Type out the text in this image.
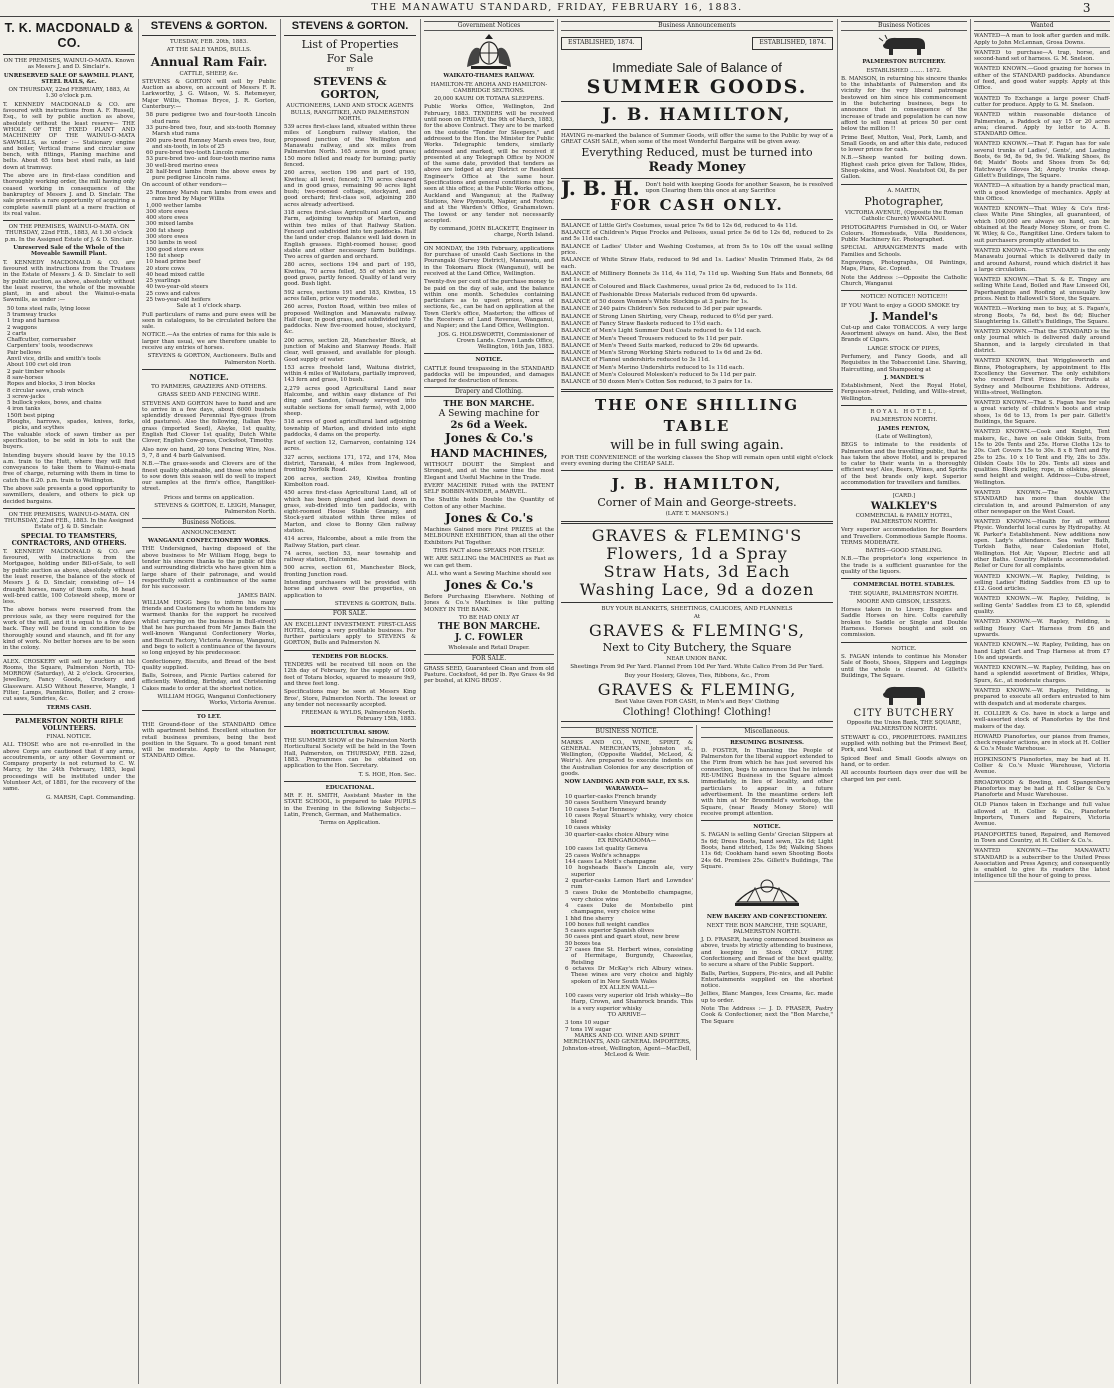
THE MANAWATU STANDARD, FRIDAY, FEBRUARY 16, 1883.	3
T. K. MACDONALD & CO.

ON THE PREMISES, WAINUI-O-MATA. Known as Messrs J. and D. Sinclair's.

UNRESERVED SALE OF SAWMILL PLANT, STEEL RAILS, &c.

ON THURSDAY, 22nd FEBRUARY, 1883, At 1.30 o'clock p.m.

T. KENNEDY MACDONALD & CO. are favoured with instructions from A. F. Russell, Esq., to sell by public auction as above, absolutely without the least reserve— THE WHOLE OF THE FIXED PLANT AND MACHINERY OF THE WAINUI-O-MATA SAWMILLS, as under :— Stationary engine and boiler, Vertical frame and circular saw bench, with fittings, Planing machine and belts. About 65 tons best steel rails, as laid down at tramway.

The above are in first-class condition and thoroughly working order, the mill having only ceased working in consequence of the bankruptcy of Messrs J. and D. Sinclair. The sale presents a rare opportunity of acquiring a complete sawmill plant at a mere fraction of its real value.

ON THE PREMISES, WAINUI-O-MATA. ON THURSDAY, 22nd FEB., 1883, At 1.30 o'clock p.m. In the Assigned Estate of J. & D. Sinclair.

Unreserved Sale of the Whole of the Moveable Sawmill Plant.

T. KENNEDY MACDONALD & CO. are favoured with instructions from the Trustees in the Estate of Messrs J. & D. Sinclair to sell by public auction, as above, absolutely without the least reserve, the whole of the moveable plant, in and about the Wainui-o-mata Sawmills, as under :—

50 tons steel rails, lying loose
5 tramway trucks
1 trap and harness
2 waggons
2 carts
Chaffcutter, cornerusher
Carpenters' tools, woodscrews
Pair bellows
Anvil vice, drills and smith's tools
About 100 cwt old iron
2 pair timber whools
8 saw-horses
Ropes and blocks, 3 iron blocks
8 circular saws, crab winch
3 screw-jacks
5 bullock yokes, bows, and chains
4 iron tanks
150ft best piping
Ploughs, harrows, spades, knives, forks, picks, and scythes

The valuable stock of sawn timber as per specification, to be sold in lots to suit the buyers.

Intending buyers should leave by the 10.15 a.m. train to the Hutt, where they will find conveyances to take them to Wainui-o-mata free of charge, returning with them in time to catch the 6.20. p.m. train to Wellington.

The above sale presents a good opportunity to sawmillers, dealers, and others to pick up decided bargains.

ON THE PREMISES, WAINUI-O-MATA. ON THURSDAY, 22nd FEB., 1883. In the Assigned Estate of J. & D. Sinclair.

SPECIAL TO TEAMSTERS, CONTRACTORS, AND OTHERS.

T. KENNEDY MACDONALD & CO. are favoured, with instructions from the Mortgagee, holding under Bill-of-Sale, to sell by public auction as above, absolutely without the least reserve, the balance of the stock of Messrs J. & D. Sinclair, consisting of— 14 draught horses, many of them colts, 16 head well-bred cattle, 100 Cotswold sheep, more or less.

The above horses were reserved from the previous sale, as they were required for the work of the mill, and it is equal to a few days back. They will be found in condition to be thoroughly sound and staunch, and fit for any kind of work. No better horses are to be seen in the colony.

ALEX. CROSKERY will sell by auction at his Rooms, the Square, Palmerston North, TO-MORROW (Saturday), At 2 o'clock. Groceries, Jewellery, Fancy Goods, Crockery and Glassware. ALSO Without Reserve, Mangle, 1 Filter, Lamps, Pannikins, Boiler, and 2 cross-cut saws, Sundries, &c.

TERMS CASH.

PALMERSTON NORTH RIFLE VOLUNTEERS.

FINAL NOTICE.

ALL THOSE who are not re-enrolled in the above Corps are cautioned that if any arms, accoutrements, or any other Government or Company property is not returned to C. W. Marcy, by the 24th February, 1883, legal proceedings will be instituted under the Volunteer Act, of 1881, for the recovery of the same.

G. MARSH, Capt. Commanding.

STEVENS & GORTON.

TUESDAY, FEB. 20th, 1883.

AT THE SALE YARDS, BULLS.

Annual Ram Fair.

CATTLE, SHEEP, &c.

STEVENS & GORTON will sell by Public Auction as above, on account of Messrs F. R. Larkworthy, J. G. Wilson, W. S. Retemeyer, Major Willis, Thomas Bryce, J. R. Gorton, Canterbury:—

58 pure pedigree two and four-tooth Lincoln stud rams
33 pure-bred two, four, and six-tooth Romney Marsh stud rams
200 pure-bred Romney Marsh ewes two, four, and six-tooth, in lots of 25
60 pure-bred two-tooth Lincoln rams
53 pure-bred two- and four-tooth merino rams
30 well-bred merino ewes
28 half-bred lambs from the above ewes by pure pedigree Lincoln rams.

On account of other vendors—

25 Romney Marsh ram lambs from ewes and rams bred by Major Willis
1,000 wether lambs
300 store ewes
400 store ewes
300 mixed lambs
200 fat sheep
300 store ewes
150 lambs in wool
300 good store ewes
150 fat sheep
10 head prime beef
20 store cows
40 head mixed cattle
25 yearlings
40 two-year-old steers
25 cows and calves
25 two-year-old heifers

Sale at 1 o'clock sharp.

Full particulars of rams and pure ewes will be seen in catalogues, to be circulated before the sale.

NOTICE.—As the entries of rams for this sale is larger than usual, we are therefore unable to receive any entries of horses.

STEVENS & GORTON, Auctioneers. Bulls and Palmerston North.

NOTICE.

TO FARMERS, GRAZIERS AND OTHERS.

GRASS SEED AND FENCING WIRE.

STEVENS AND GORTON have to hand and are to arrive in a few days, about 6000 bushels splendidly dressed Perennial Rye-grass (from old pastures). Also the following, Italian Rye-grass (imported Seed), Alsyke, 1st quality, English Red Clover 1st quality, Dutch White Clover, English Cow-grass, Cocksfoot, Timothy.

Also now on hand, 20 tons Fencing Wire, Nos. 5, 7, 8 and 4 barb Galvanised.

N.B.—The grass-seeds and Clovers are of the finest quality obtainable, and those who intend to sow down this season will do well to inspect our samples at the firm's office, Rangitikei-street.

Prices and terms on application.

STEVENS & GORTON, E. LEIGH, Manager, Palmerston North.

Business Notices.

ANNOUNCEMENT.

WANGANUI CONFECTIONERY WORKS.

THE Undersigned, having disposed of the above business to Mr William Hogg, begs to tender his sincere thanks to the public of this and surrounding districts who have given him a large share of their patronage, and would respectfully solicit a continuance of the same for his successor.

JAMES BAIN.

WILLIAM HOGG begs to inform his many friends and Customers (to whom he tenders his warmest thanks for the support he received whilst carrying on the business in Bull-street) that he has purchased from Mr James Bain the well-known Wanganui Confectionery Works, and Biscuit Factory, Victoria Avenue, Wanganui, and begs to solicit a continuance of the favours so long enjoyed by his predecessor.

Confectionery, Biscuits, and Bread of the best quality supplied.

Balls, Soirees, and Picnic Parties catered for efficiently. Wedding, Birthday, and Christening Cakes made to order at the shortest notice.

WILLIAM HOGG, Wanganui Confectionery Works, Victoria Avenue.

TO LET.

THE Ground-floor of the STANDARD Office with apartment behind. Excellent situation for retail business premises, being the best position in the Square. To a good tenant rent will be moderate. Apply to the Manager, STANDARD Office.

STEVENS & GORTON.
List of Properties
For Sale

BY

STEVENS & GORTON,

AUCTIONEERS, LAND AND STOCK AGENTS BULLS, RANGITIKEI, AND PALMERSTON NORTH.

539 acres first-class land, situated within three miles of Longburn railway station, the proposed junction of the Wellington and Manawatu railway, and six miles from Palmerston North. 165 acres in good grass; 150 more felled and ready for burning; partly fenced.

260 acres, section 196 and part of 195, Kiwitea; all level; fenced; 170 acres cleared and in good grass, remaining 90 acres light bush; two-roomed cottage, stockyard, and good orchard; first-class soil, adjoining 280 acres already advertised.

318 acres first-class Agricultural and Grazing Farm, adjoining township of Marton, and within two miles of that Railway Station. Fenced and subdivided into ten paddocks. Half the land under crop. Balance well laid down in English grasses. Eight-roomed house; good stable and other necessary farm buildings. Two acres of garden and orchard.

280 acres, sections 194 and part of 195, Kiwitea, 70 acres felled, 55 of which are in good grass, partly fenced. Quality of land very good. Bush light.

592 acres, sections 191 and 183, Kiwitea, 15 acres fallen, price very moderate.

260 acres, Foxton Road, within two miles of proposed Wellington and Manawatu railway. Half clear, in good grass, and subdivided into 7 paddocks. New five-roomed house, stockyard, &c.

200 acres, section 28, Manchester Block, at junction of Makino and Stanway Roads. Half clear, well grassed, and available for plough. Good supply of water.

153 acres freehold land, Waituna district, within 4 miles of Waitotara, partially improved, 143 fern and grass, 10 bush.

2,279 acres good Agricultural Land near Halcombe, and within easy distance of Fei ding and Sandon, (already surveyed into suitable sections for small farms), with 2,000 sheep.

518 acres of good agricultural land adjoining township of Marton, and divided into eight paddocks, 4 dams on the property.

Part of section 12, Carnarvon, containing 124 acres.

327 acres, sections 171, 172, and 174, Moa district, Taranaki, 4 miles from Inglewood, fronting Norfolk Road.

206 acres, section 249, Kiwitea fronting Kimbolton road.

450 acres first-class Agricultural Land, all of which has been ploughed and laid down in grass, sub-divided into ten paddocks, with eight-roomed House Stable Granary, and Stock-yard situated within three miles of Marton, and close to Bonny Glen railway station.

414 acres, Halcombe, about a mile from the Railway Station, part clear.

74 acres, section 53, near township and railway station, Halcombe.

500 acres, section 61, Manchester Block, fronting Junction road.

Intending purchasers will be provided with horse and shown over the properties, on application to

STEVENS & GORTON, Bulls.

FOR SALE.

AN EXCELLENT INVESTMENT. FIRST-CLASS HOTEL, doing a very profitable business. For further particulars apply to STEVENS & GORTON, Bulls and Palmerston N.

TENDERS FOR BLOCKS.

TENDERS will be received till noon on the 12th day of February, for the supply of 1000 feet of Totara blocks, squared to measure 9x9, and three feet long.

Specifications may be seen at Messrs King Bros', Store, Palmerston North. The lowest or any tender not necessarily accepted.

FREEMAN & WYLDS, Palmerston North. February 15th, 1883.

HORTICULTURAL SHOW.

THE SUMMER SHOW of the Palmerston North Horticultural Society will be held in the Town Hall, Palmerston, on THURSDAY, FEB. 22nd, 1883. Programmes can be obtained on application to the Hon. Secretary.

T. S. HOE, Hon. Sec.

EDUCATIONAL.

MR F. H. SMITH, Assistant Master in the STATE SCHOOL, is prepared to take PUPILS in the Evening in the following Subjects:— Latin, French, German, and Mathematics.

Terms on Application.

Government Notices

WAIKATO-THAMES RAILWAY.

HAMILTON-TE AROHA AND HAMILTON-CAMBRIDGE SECTIONS.

20,000 KAURI OR TOTARA SLEEPERS.

Public Works Office, Wellington, 2nd February, 1883. TENDERS will be received until noon on FRIDAY, the 9th of March, 1883, for the above Contract. They are to be marked on the outside "Tender for Sleepers," and addressed to the Hon. the Minister for Public Works. Telegraphic tenders, similarly addressed and marked, will be received if presented at any Telegraph Office by NOON of the same date, provided that tenders as above are lodged at any District or Resident Engineer's Office at the same hour. Specifications and general conditions may be seen at this office; at the Public Works offices, Auckland and Wanganui; at the Railway Stations, New Plymouth, Napier, and Foxton; and at the Warden's Office, Grahamstown. The lowest or any tender not necessarily accepted.

By command, JOHN BLACKETT, Engineer in charge, North Island.

ON MONDAY, the 19th February, applications for purchase of unsold Cash Sections in the Pourangaki (Survey District), Manawatu, and in the Tokomaru Block (Wanganui), will be received at the Land Office, Wellington.

Twenty-five per cent of the purchase money to be paid on the day of sale, and the balance within one month. Schedules containing particulars as to upset prices, area of sections, &c., can be had on application at the Town Clerk's office, Masterton; the offices of the Receivers of Land Revenue, Wanganui, and Napier; and the Land Office, Wellington.

JOS. G. HOLDSWORTH, Commissioner of Crown Lands. Crown Lands Office, Wellington, 16th Jan, 1883.

NOTICE.

CATTLE found trespassing in the STANDARD paddocks will be impounded, and damages charged for destruction of fences.

Drapery and Clothing.
THE BON MARCHE.
A Sewing machine for
2s 6d a Week.
Jones & Co.'s
HAND MACHINES,

WITHOUT DOUBT the Simplest and Strongest, and at the same time the most Elegant and Useful Machine in the Trade.

EVERY MACHINE Fitted with the PATENT SELF BOBBIN-WINDER, a MARVEL.

The Shuttle holds Double the Quantity of Cotton of any other Machine.

Jones & Co.'s

Machines Gained more First PRIZES at the MELBOURNE EXHIBITION, than all the other Exhibitors Put Together.

THIS FACT alone SPEAKS FOR ITSELF.

WE ARE SELLING the MACHINES as Fast as we can get them.

ALL who want a Sewing Machine should see

Jones & Co.'s

Before Purchasing Elsewhere. Nothing of Jones & Co.'s Machines is like putting MONEY IN THE BANK.

TO BE HAD ONLY AT

THE BON MARCHE.
J. C. FOWLER

Wholesale and Retail Draper.

FOR SALE.

GRASS SEED, Guaranteed Clean and from old Pasture. Cocksfoot, 4d per lb. Rye Grass 4s 9d per bushel, at KING BROS'.

Business Announcements
ESTABLISHED, 1874.	ESTABLISHED, 1874.
Immediate Sale of Balance of
SUMMER GOODS.
J. B. HAMILTON,

HAVING re-marked the balance of Summer Goods, will offer the same to the Public by way of a GREAT CASH SALE, when some of the most Wonderful Bargains will be given away.

Everything Reduced, must be turned into
Ready Money
J. B. H. Don't hold with keeping Goods for another Season, he is resolved upon Clearing them this once at any Sacrifice
FOR CASH ONLY.
BALANCE of Little Girl's Costumes, usual price 7s 6d to 12s 6d, reduced to 4s 11d.
BALANCE of Children's Pique Frocks and Pelisses, usual price 5s 6d to 12s 6d, reduced to 2s and 5s 11d each.
BALANCE of Ladies' Ulster and Washing Costumes, at from 5s to 10s off the usual selling price.
BALANCE of White Straw Hats, reduced to 9d and 1s. Ladies' Muslin Trimmed Hats, 2s 6d each.
BALANCE of Millinery Bonnets 3s 11d, 4s 11d, 7s 11d up. Washing Sun Hats and Bonnets, 6d and 1s each.
BALANCE of Coloured and Black Cashmeres, usual price 2s 6d, reduced to 1s 11d.
BALANCE of Fashionable Dress Materials reduced from 6d upwards.
BALANCE of 50 dozen Women's White Stockings at 3 pairs for 1s.
BALANCE of 240 pairs Children's Sox reduced to 3d per pair upwards.
BALANCE of Strong Linen Shirting, very Cheap, reduced to 6½d per yard.
BALANCE of Fancy Straw Baskets reduced to 1½d each.
BALANCE of Men's Light Summer Dust Coats reduced to 4s 11d each.
BALANCE of Men's Tweed Trousers reduced to 9s 11d per pair.
BALANCE of Men's Tweed Suits marked, reduced to 29s 6d upwards.
BALANCE of Men's Strong Working Shirts reduced to 1s 6d and 2s 6d.
BALANCE of Flannel undershirts reduced to 3s 11d.
BALANCE of Men's Merino Undershirts reduced to 1s 11d each.
BALANCE of Men's Coloured Molesken's reduced to 5s 11d per pair.
BALANCE of 50 dozen Men's Cotton Sox reduced, to 3 pairs for 1s.
THE ONE SHILLING TABLE
will be in full swing again.

FOR THE CONVENIENCE of the working classes the Shop will remain open until eight o'clock every evening during the CHEAP SALE.

J. B. HAMILTON,
Corner of Main and George-streets.

(LATE T. MANSON'S.)

GRAVES & FLEMING'S
Flowers, 1d a Spray
Straw Hats, 3d Each
Washing Lace, 9d a dozen

BUY YOUR BLANKETS, SHEETINGS, CALICOES, AND FLANNELS

At

GRAVES & FLEMING'S,
Next to City Butchery, the Square

NEAR UNION BANK.

Sheetings From 9d Per Yard. Flannel From 10d Per Yard. White Calico From 3d Per Yard.

Buy your Hosiery, Gloves, Ties, Ribbons, &c., From

GRAVES & FLEMING,

Best Value Given FOR CASH, in Men's and Boys' Clothing

Clothing! Clothing! Clothing!
BUSINESS NOTICE.

MARKS AND CO., WINE, SPIRIT, & GENERAL MERCHANTS, Johnston st., Wellington, (Opposite Waddel, McLeod, & Weir's). Are prepared to execute indents on the Australian Colonies for any description of goods.

NOW LANDING AND FOR SALE, EX S.S. WARAWATA—

10 quarter-casks French brandy
50 cases Southern Vineyard brandy
10 cases 5-star Hennessy
10 cases Royal Stuart's whisky, very choice blend
10 cases whisky
30 quarter-casks choice Albury wine

EX RINGAROOMA—

100 cases 1st quality Geneva
25 cases Wolfe's schnapps
144 cases La Mott's champagne
10 hogsheads Bass's Lincoln ale, very superior
2 quarter-casks Lemon Hart and Lowndes' rum
5 cases Duke de Montebello champagne, very choice wine
4 cases Duke de Montebello pint champagne, very choice wine
1 hhd fine sherry
100 boxes full weight candles
5 cases superior Spanish olives
50 cases pint and quart stout, new brew
50 boxes tea
27 cases fine St. Herbert wines, consisting of Hermitage, Burgundy, Chasselas, Reisling
6 octaves Dr McKay's rich Albury wines. These wines are very choice and highly spoken of in New South Wales

EX ALLEN WALL—

100 cases very superior old Irish whisky—Bo Harp, Crown, and Shamrock brands. This is a very superior whisky

TO ARRIVE—

3 tons 10 sugar
7 tons 1W sugar

MARKS AND CO. WINE AND SPIRIT MERCHANTS, AND GENERAL IMPORTERS, Johnston-street, Wellington, Agent—MacDell, McLeod & Weir.

Miscellaneous.

RESUMING BUSINESS.

D. FOSTER, In Thanking the People of Palmerston for the liberal support extended to the Firm from which he has just severed his connection, begs to announce that he intends RE-UMING Business in the Square almost immediately, in lieu of locality, and other particulars to appear in a future advertisement. In the meantime orders left with him at Mr Broomfield's workshop, the Square, (near Ready Money Store) will receive prompt attention.

NOTICE.

S. FAGAN is selling Gents' Grecian Slippers at 5s 6d; Dress Boots, hand sewn, 12s 6d; Light Boots, hand stitched, 13s 9d; Walking Shoes 11s 6d; Cookham hand sewn Shooting Boots 24s 6d. Premises 25s. Gillett's Buildings, The Square.

NEW BAKERY AND CONFECTIONERY.

NEXT THE BON MARCHE, THE SQUARE, PALMERSTON NORTH.

J. D. FRASER, having commenced business as above, trusts by strictly attending to business, and keeping in Stock ONLY PURE Confectionery, and Bread of the best quality, to secure a share of the Public Support.

Balls, Parties, Suppers, Pic-nics, and all Public Entertainments supplied on the shortest notice.

Jellies, Blanc Manges, Ices Creams, &c. made up to order.

Note The Address :— J. D. FRASER, Pastry Cook & Confectioner, next the "Bon Marche," The Square

Business Notices

PALMERSTON BUTCHERY.

ESTABLISHED ........ 1872.

B. MANSON, in returning his sincere thanks to the inhabitants of Palmerston and its vicinity for the very liberal patronage bestowed on him since his commencement in the butchering business, begs to announce that in consequence of the increase of trade and population he can now afford to sell meat at prices 50 per cent below the million !!

Prime Beef, Mutton, Veal, Pork, Lamb, and Small Goods, on and after this date, reduced to lower prices for cash.

N.B.—Sheep wanted for boiling down. Highest cash price given for Tallow, Hides, Sheep-skins, and Wool. Neatsfoot Oil, 8s per Gallon.

A. MARTIN,

Photographer,

VICTORIA AVENUE, (Opposite the Roman Catholic Church) WANGANUI.

PHOTOGRAPHS Furnished in Oil, or Water Colours. Homesteads, Villa Residences, Public Machinery &c. Photographed.

SPECIAL ARRANGEMENTS made with Families and Schools.

Engravings, Photographs, Oil Paintings, Maps, Plans, &c. Copied.

Note the Address :—Opposite the Catholic Church, Wanganui

NOTICE! NOTICE!! NOTICE!!!

IF YOU Want to enjoy a GOOD SMOKE try

J. Mandel's

Cut-up and Cake TOBACCOS. A very large Assortment always on hand. Also, the Best Brands of Cigars.

LARGE STOCK OF PIPES,

Perfumery, and Fancy Goods, and all Requisites in the Tobacconist Line. Shaving, Haircutting, and Shampooing at

J. MANDEL'S

Establishment, Next the Royal Hotel, Fergusson-street, Feilding, and Willis-street, Wellington.

ROYAL HOTEL,

PALMERSTON NORTH.

JAMES FENTON,

(Late of Wellington),

BEGS to intimate to the residents of Palmerston and the travelling public, that he has taken the above Hotel, and is prepared to cater to their wants in a thoroughly efficient way! Ales, Beers, Wines, and Spirits of the best brands only kept. Superior accommodation for travellers and families.

[CARD.]

WALKLEY'S

COMMERCIAL & FAMILY HOTEL, PALMERSTON NORTH.

Very superior accommodation for Boarders and Travellers. Commodious Sample Rooms. TERMS MODERATE.

BATHS—GOOD STABLING.

N.B.—The proprietor's long experience in the trade is a sufficient guarantee for the quality of the liquors.

COMMERCIAL HOTEL STABLES.

THE SQUARE, PALMERSTON NORTH.

MOORE AND GIBSON, LESSEES.

Horses taken in to Livery. Buggies and Saddle Horses on hire. Colts carefully broken to Saddle or Single and Double Harness. Horses bought and sold on commission.

NOTICE.

S. FAGAN intends to continue his Monster Sale of Boots, Shoes, Slippers and Leggings until the whole is cleared. At Gillett's Buildings, The Square.

CITY BUTCHERY

Opposite the Union Bank, THE SQUARE, PALMERSTON NORTH.

STEWART & CO., PROPRIETORS. FAMILIES supplied with nothing but the Primest Beef, Pork, and Veal.

Spiced Beef and Small Goods always on hand, or to order.

All accounts fourteen days over due will be charged ten per cent.

Wanted

WANTED—A man to look after garden and milk. Apply to John McLennan, Grosa Downs.

WANTED to purchase—A trap, horse, and second-hand set of harness. G. M. Snelson.

WANTED KNOWN.—Good grazing for horses in either of the STANDARD paddocks. Abundance of feed, and good water supply. Apply at this Office.

WANTED To Exchange a large power Chaff-cutter for produce. Apply to G. M. Snelson.

WANTED within reasonable distance of Palmerston, a Paddock of say 15 or 20 acres area; cleared. Apply by letter to A. B. STANDARD Office.

WANTED KNOWN.—That F. Fagan has for sale several trunks of Ladies', Gents', and Lasting Boots, 6s 9d, 8s 9d, 9s 9d. Walking Shoes, 8s 6d; Maids' Boots and Shoes from 5s 6d; Hatchway's Gloves 3d; Ampty trunks cheap. Gillett's Buildings, The Square.

WANTED—A situation by a handy practical man, with a good knowledge of mechanics. Apply at this Office.

WANTED KNOWN—That Wiley & Co's first-class White Pine Shingles, all guaranteed, of which 100,000 are always on hand, can be obtained at the Ready Money Store, or from C. W. Wiley, & Co., Rangitikei Line. Orders taken to suit purchasers promptly attended to.

WANTED KNOWN.—The STANDARD is the only Manawatu journal which is delivered daily in and around Ashurst, round which district it has a large circulation.

WANTED KNOWN.—That S. & E. Tingey are selling White Lead, Boiled and Raw Linseed Oil, Paperhangings and Roofing at unusually low prices. Next to Hallowell's Store, the Square.

WANTED.—Working men to buy, at S. Fagan's, strong Boots, 7s 6d, best 8s 6d; Blucher Slaughtering 1s. Gillett's Buildings, The Square.

WANTED KNOWN.—That the STANDARD is the only journal which is delivered daily around Shannon, and is largely circulated in that district.

WANTED KNOWN, that Wrigglesworth and Binns, Photographers, by appointment to His Excellency the Governor. The only exhibitors who received First Prizes for Portraits at Sydney and Melbourne Exhibitions. Address, Willis-street, Wellington.

WANTED KNOWN.—That S. Fagan has for sale a great variety of children's boots and strap shoes, 1s 6d to 13, from 1s per pair. Gillett's Buildings, the Square.

WANTED KNOWN.—Cook and Knight, Tent makers, &c., have on sale Oilskin Suits, from 15s to 20s Tents and 25s. Horse Cloths 12s to 20s. Cart Covers 15s to 30s. 8 x 8 Tent and Fly 25s to 25s. 10 x 10 Tent and Fly, 28s to 35s. Oilskin Coats 10s to 20s. Tents all sizes and qualities. Block pulley, rope, in oilskins, please send height and weight. Address—Cuba-street, Wellington.

WANTED KNOWN.—The MANAWATU STANDARD has more than double the circulation in, and around Palmerston of any other newspaper on the West Coast.

WANTED KNOWN.—Health for all without Physic. Wonderful local cures by Hydropathy. At W. Parker's Establishment. New additions now open. Lady's attendance. Sea water Bath, Turkish Baths, near Caledonian Hotel, Wellington. Hot Air, Vapour, Electric and all other Baths. Country Patients accommodated. Relief or Cure for all complaints.

WANTED KNOWN.—W. Rapley, Feilding, is selling Ladies' Riding Saddles from £5 up to £12. Good articles.

WANTED KNOWN.—W. Rapley, Feilding, is selling Gents' Saddles from £3 to £8, splendid quality.

WANTED KNOWN.—W. Rapley, Feilding, is selling Heavy Cart Harness from £6 and upwards.

WANTED KNOWN.—W. Rapley, Feilding, has on hand Light Cart and Trap Harness at from £7 10s and upwards.

WANTED KNOWN.—W. Rapley, Feilding, has on hand a splendid assortment of Bridles, Whips, Spurs, &c., at moderate charges.

WANTED KNOWN.—W. Rapley, Feilding, is prepared to execute all orders entrusted to him with despatch and at moderate charges.

H. COLLIER & Co. have in stock a large and well-assorted stock of Pianofortes by the first makers of the day.

HOWARD Pianofortes, our pianos from frames, check repeater actions, are in stock at H. Collier & Co.'s Music Warehouse.

HOPKINSON'S Pianofortes, may be had at H. Collier & Co.'s Music Warehouse, Victoria Avenue.

BROADWOOD & Bowling, and Spangenberg Pianofortes may be had at H. Collier & Co.'s Pianoforte and Music Warehouse.

OLD Pianos taken in Exchange and full value allowed at H. Collier & Co., Pianoforte Importers, Tuners and Repairers, Victoria Avenue.

PIANOFORTES tuned, Repaired, and Removed in Town and Country, at H. Collier & Co.'s.

WANTED KNOWN.—The MANAWATU STANDARD is a subscriber to the United Press Association and Press Agency, and consequently is enabled to give its readers the latest intelligence till the hour of going to press.
